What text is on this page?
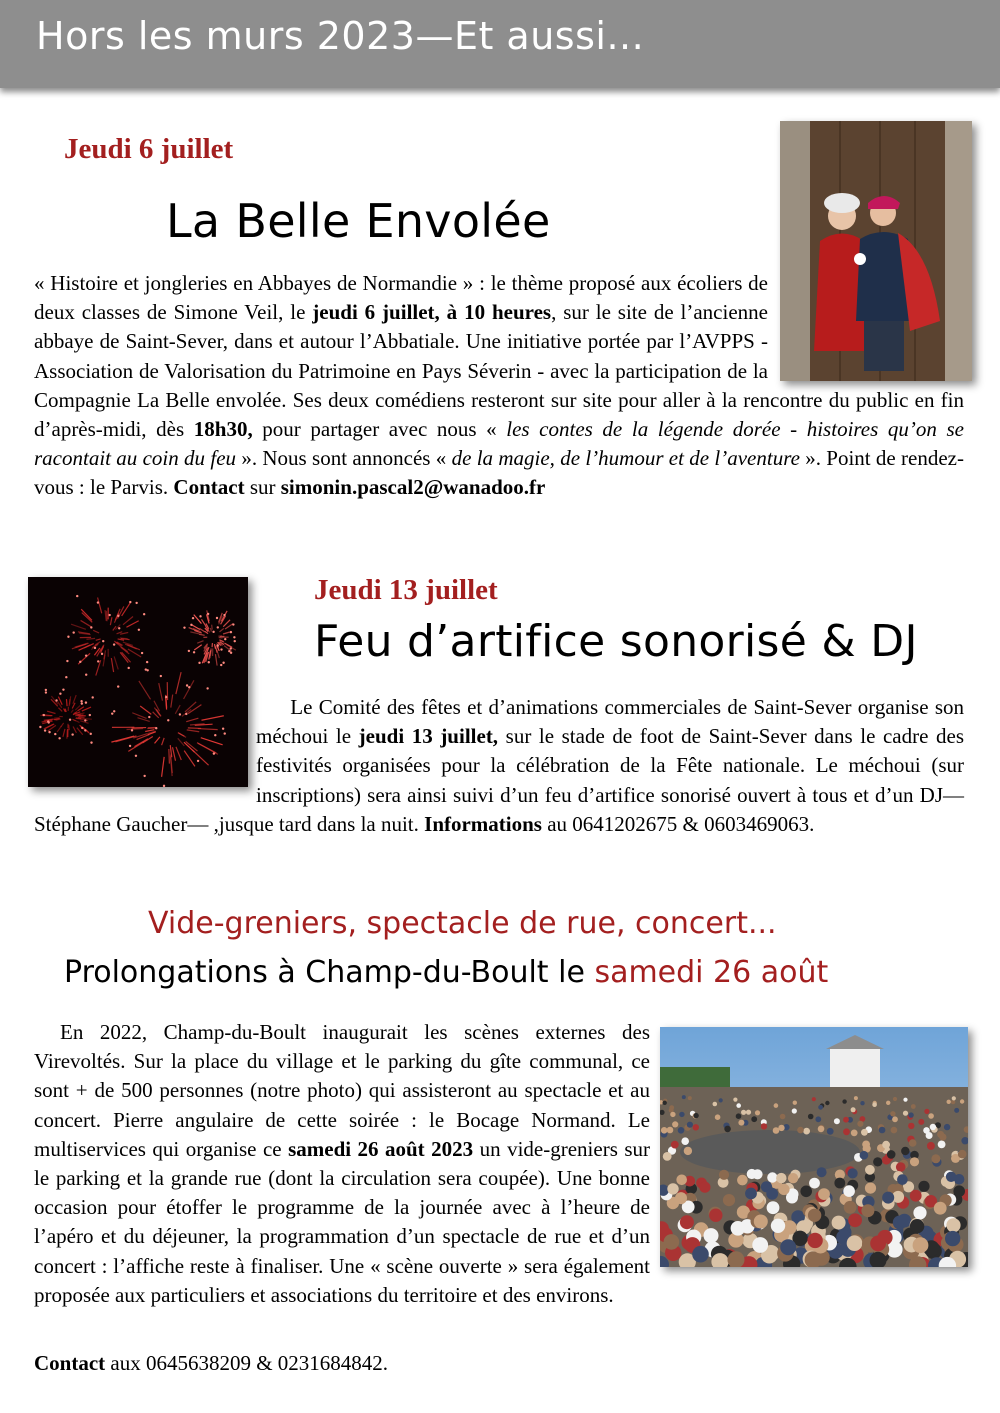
Hors les murs 2023—Et aussi...
Jeudi 6 juillet
La Belle Envolée
« Histoire et jongleries en Abbayes de Normandie » : le thème proposé aux écoliers de deux classes de Simone Veil, le jeudi 6 juillet, à 10 heures, sur le site de l’ancienne abbaye de Saint-Sever, dans et autour l’Abbatiale. Une initiative portée par l’AVPPS - Association de Valorisation du Patrimoine en Pays Séverin - avec la participation de la Compagnie La Belle envolée. Ses deux comédiens resteront sur site pour aller à la rencontre du public en fin d’après-midi, dès 18h30, pour partager avec nous « les contes de la légende dorée - histoires qu’on se racontait au coin du feu ». Nous sont annoncés « de la magie, de l’humour et de l’aventure ». Point de rendez-vous : le Parvis. Contact sur simonin.pascal2@wanadoo.fr
Jeudi 13 juillet
Feu d’artifice sonorisé & DJ
Le Comité des fêtes et d’animations commerciales de Saint-Sever organise son méchoui le jeudi 13 juillet, sur le stade de foot de Saint-Sever dans le cadre des festivités organisées pour la célébration de la Fête nationale. Le méchoui (sur inscriptions) sera ainsi suivi d’un feu d’artifice sonorisé ouvert à tous et d’un DJ—Stéphane Gaucher— ,jusque tard dans la nuit. Informations au 0641202675 & 0603469063.
Vide-greniers, spectacle de rue, concert...
Prolongations à Champ-du-Boult le samedi 26 août
En 2022, Champ-du-Boult inaugurait les scènes externes des Virevoltés. Sur la place du village et le parking du gîte communal, ce sont + de 500 personnes (notre photo) qui assisteront au spectacle et au concert. Pierre angulaire de cette soirée : le Bocage Normand. Le multiservices qui organise ce samedi 26 août 2023 un vide-greniers sur le parking et la grande rue (dont la circulation sera coupée). Une bonne occasion pour étoffer le programme de la journée avec à l’heure de l’apéro et du déjeuner, la programmation d’un spectacle de rue et d’un concert : l’affiche reste à finaliser. Une « scène ouverte » sera également proposée aux particuliers et associations du territoire et des environs.
Contact aux 0645638209 & 0231684842.
